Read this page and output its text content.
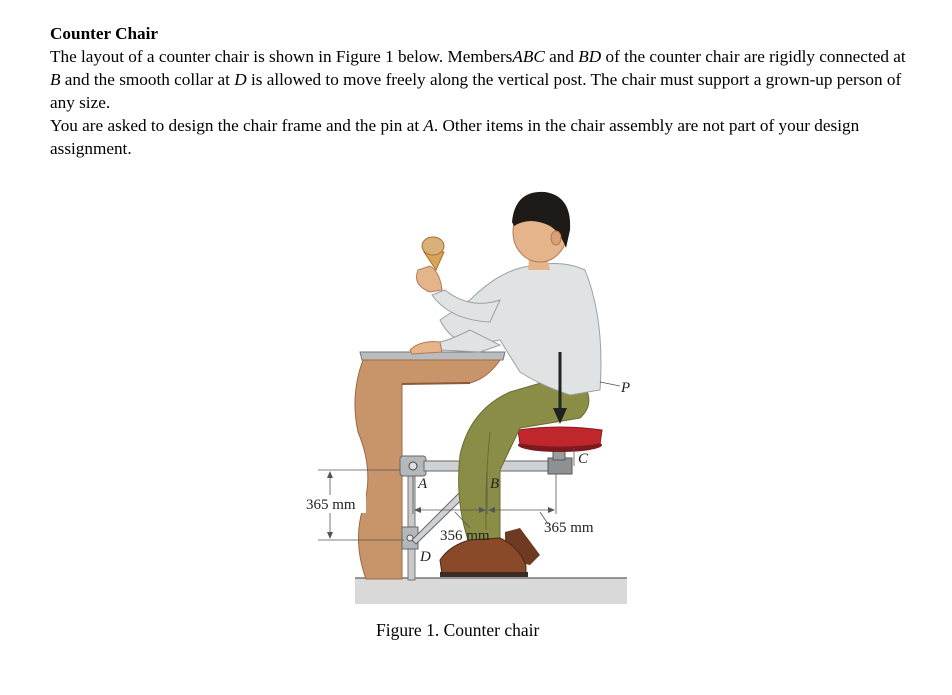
Counter Chair
The layout of a counter chair is shown in Figure 1 below. MembersABC and BD of the counter chair are rigidly connected at B and the smooth collar at D is allowed to move freely along the vertical post. The chair must support a grown-up person of any size.
You are asked to design the chair frame and the pin at A. Other items in the chair assembly are not part of your design assignment.
P
A	B
C
D
365 mm
356 mm	365 mm
Figure 1. Counter chair
